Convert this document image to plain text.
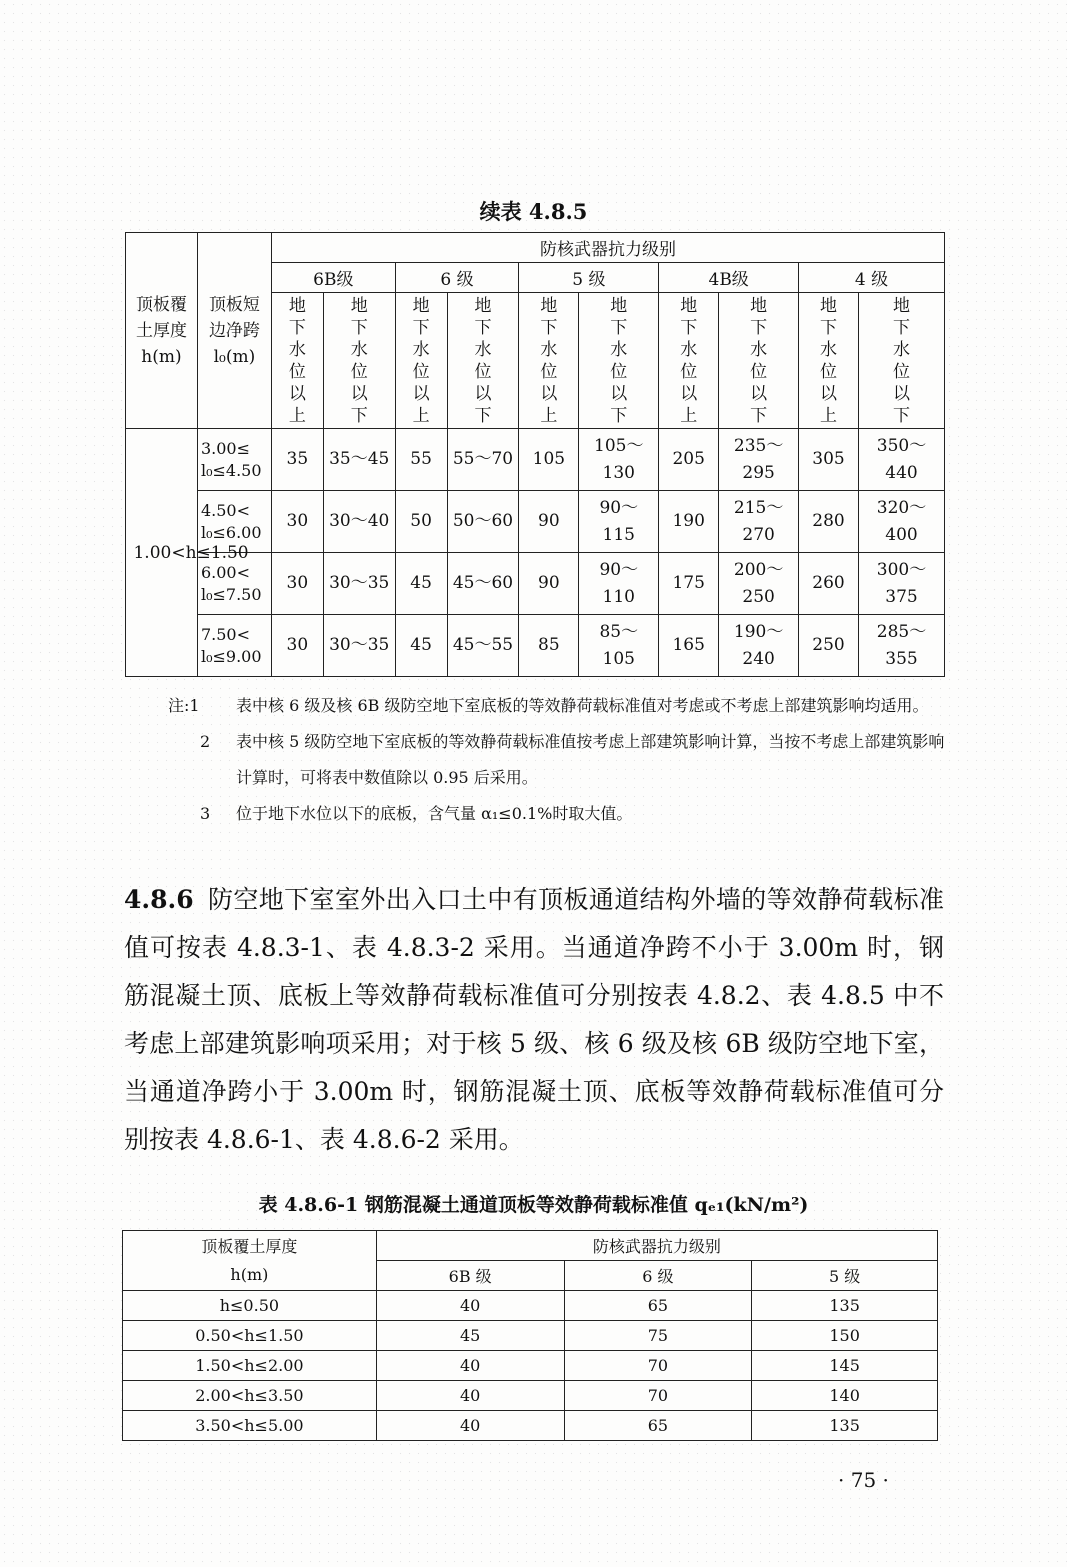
续表 4.8.5
顶板覆土厚度h(m)	顶板短边净跨l₀(m)	防核武器抗力级别									
		6B级		6 级		5 级		4B级		4 级	

		地下水位以上	地下水位以下	地下水位以上	地下水位以下	地下水位以上	地下水位以下	地下水位以上	地下水位以下	地下水位以上	地下水位以下

1.00<h≤1.50	3.00≤ l₀≤4.50	35	35～45	55	55～70	105	105～130	205	235～295	305	350～440

	4.50< l₀≤6.00	30	30～40	50	50～60	90	90～115	190	215～270	280	320～400

	6.00< l₀≤7.50	30	30～35	45	45～60	90	90～110	175	200～250	260	300～375

	7.50< l₀≤9.00	30	30～35	45	45～55	85	85～105	165	190～240	250	285～355
注:1 表中核 6 级及核 6B 级防空地下室底板的等效静荷载标准值对考虑或不考虑上部建筑影响均适用。
2 表中核 5 级防空地下室底板的等效静荷载标准值按考虑上部建筑影响计算，当按不考虑上部建筑影响计算时，可将表中数值除以 0.95 后采用。
3 位于地下水位以下的底板，含气量 α₁≤0.1%时取大值。
4.8.6 防空地下室室外出入口土中有顶板通道结构外墙的等效静荷载标准值可按表 4.8.3-1、表 4.8.3-2 采用。当通道净跨不小于 3.00m 时，钢筋混凝土顶、底板上等效静荷载标准值可分别按表 4.8.2、表 4.8.5 中不考虑上部建筑影响项采用；对于核 5 级、核 6 级及核 6B 级防空地下室，当通道净跨小于 3.00m 时，钢筋混凝土顶、底板等效静荷载标准值可分别按表 4.8.6-1、表 4.8.6-2 采用。
表 4.8.6-1 钢筋混凝土通道顶板等效静荷载标准值 qₑ₁(kN/m²)
顶板覆土厚度 h(m)	防核武器抗力级别		
	6B 级	6 级	5 级
h≤0.50	40	65	135
0.50<h≤1.50	45	75	150
1.50<h≤2.00	40	70	145
2.00<h≤3.50	40	70	140
3.50<h≤5.00	40	65	135
· 75 ·
